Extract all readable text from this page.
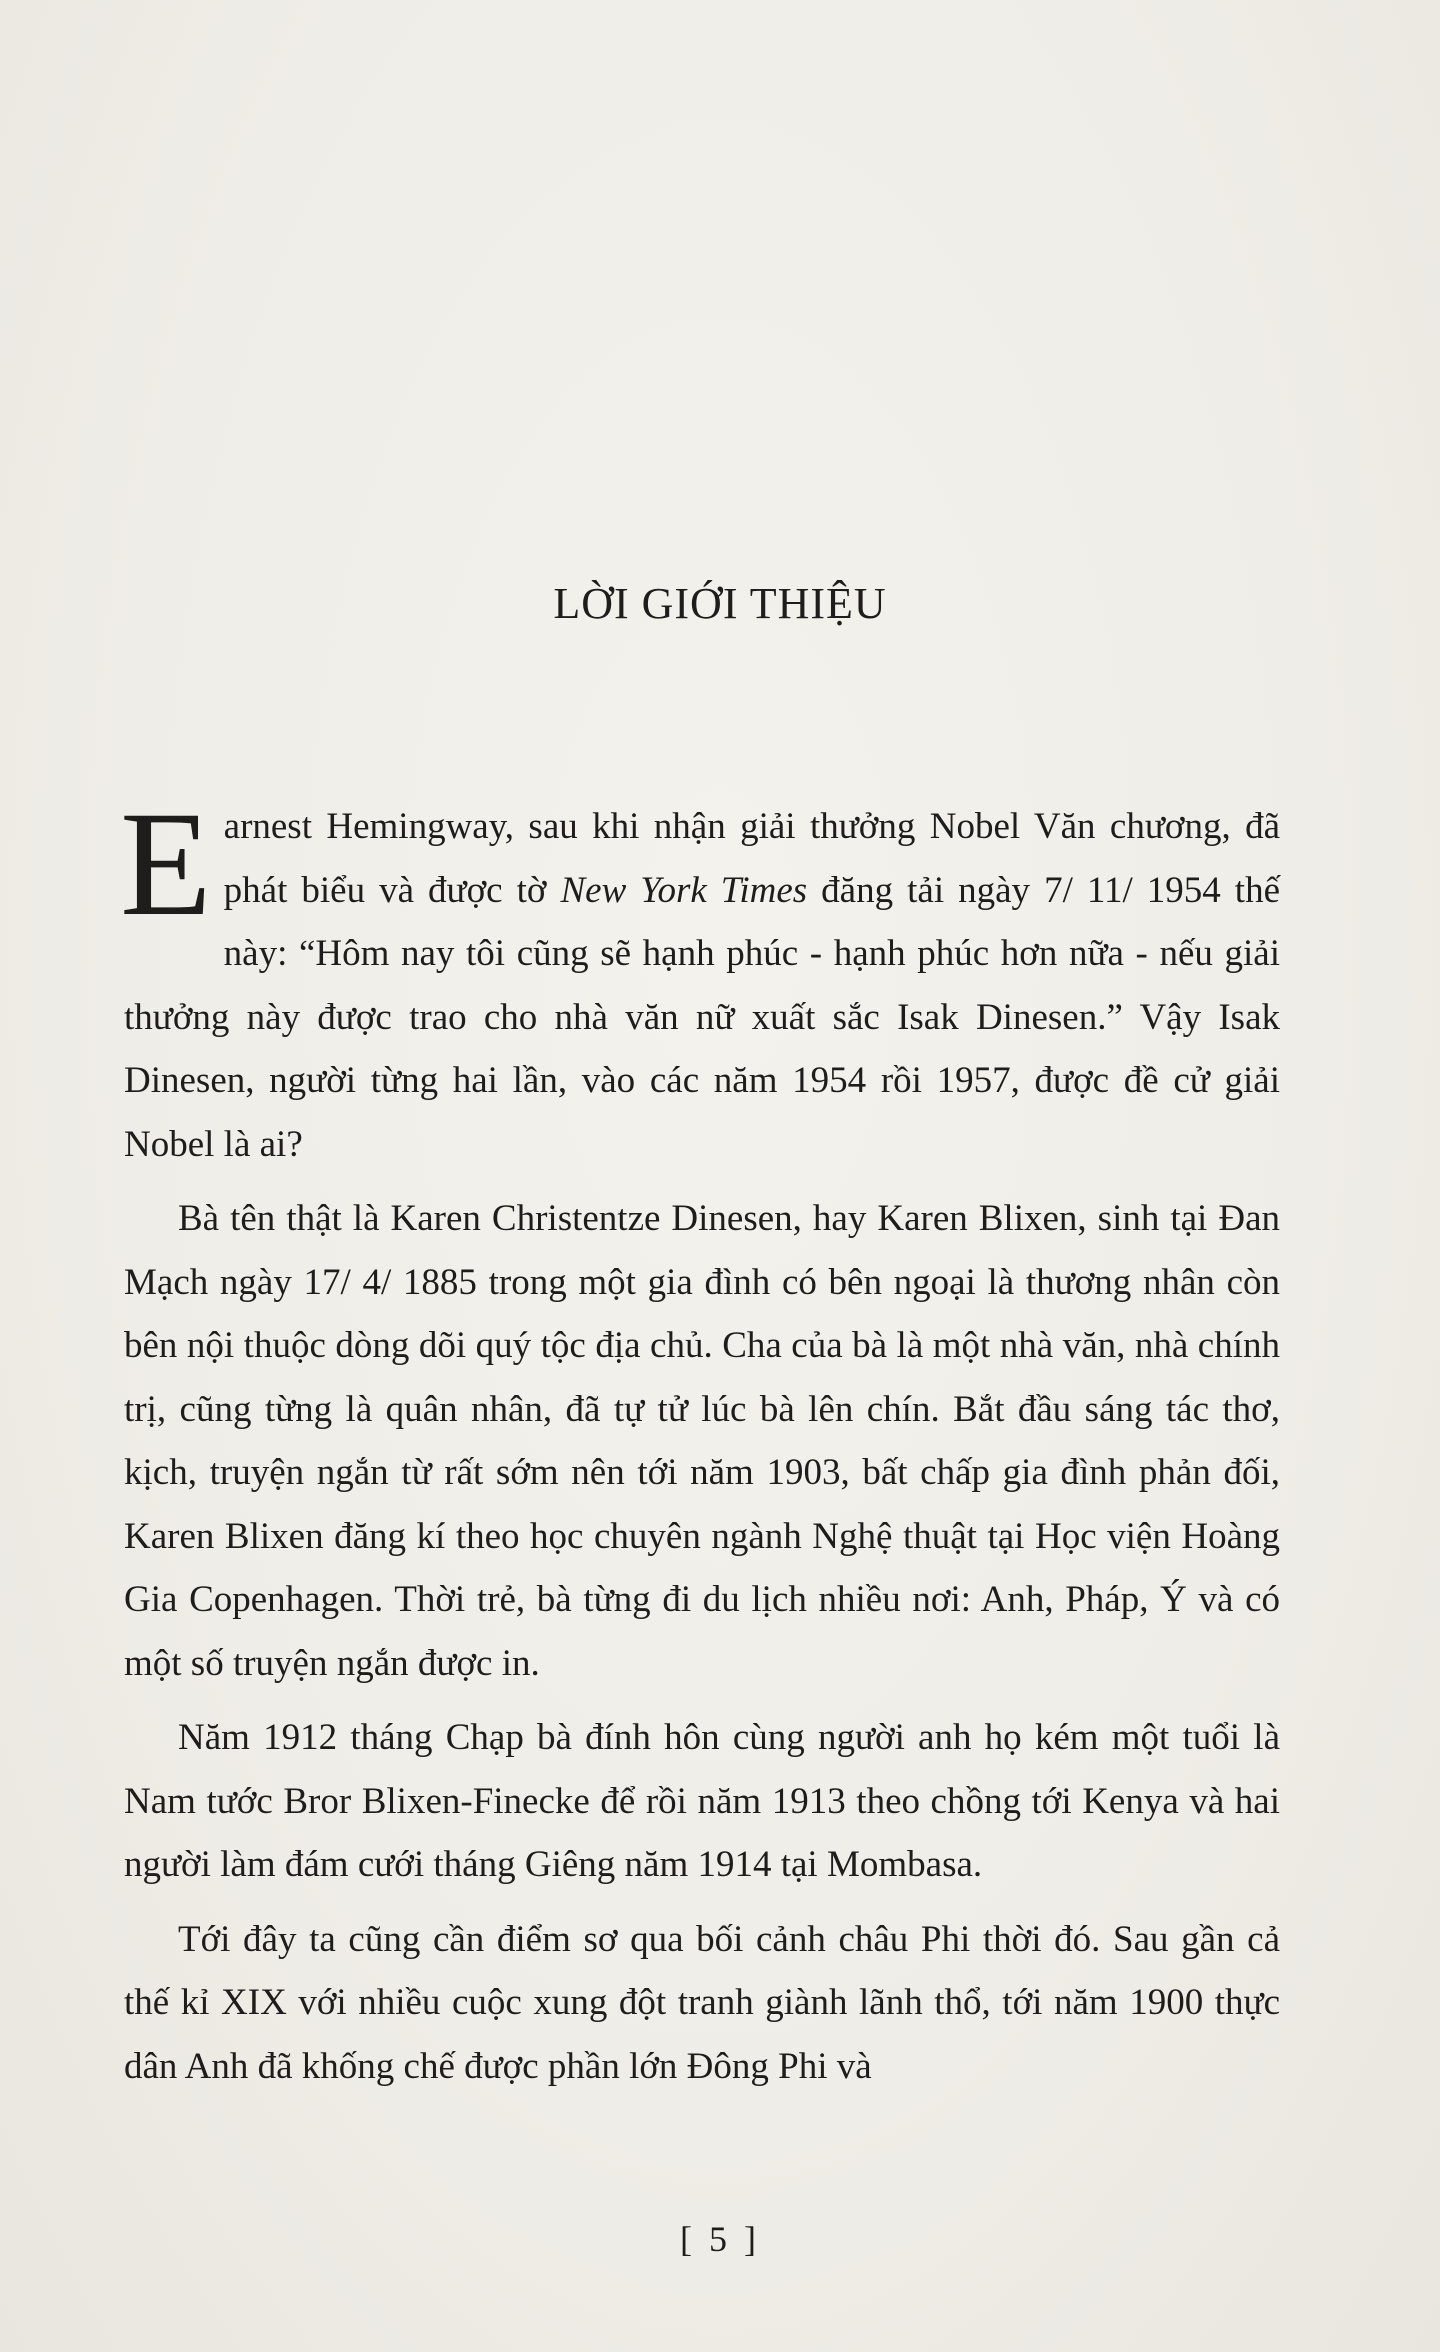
LỜI GIỚI THIỆU

Earnest Hemingway, sau khi nhận giải thưởng Nobel Văn chương, đã phát biểu và được tờ New York Times đăng tải ngày 7/ 11/ 1954 thế này: “Hôm nay tôi cũng sẽ hạnh phúc - hạnh phúc hơn nữa - nếu giải thưởng này được trao cho nhà văn nữ xuất sắc Isak Dinesen.” Vậy Isak Dinesen, người từng hai lần, vào các năm 1954 rồi 1957, được đề cử giải Nobel là ai?

Bà tên thật là Karen Christentze Dinesen, hay Karen Blixen, sinh tại Đan Mạch ngày 17/ 4/ 1885 trong một gia đình có bên ngoại là thương nhân còn bên nội thuộc dòng dõi quý tộc địa chủ. Cha của bà là một nhà văn, nhà chính trị, cũng từng là quân nhân, đã tự tử lúc bà lên chín. Bắt đầu sáng tác thơ, kịch, truyện ngắn từ rất sớm nên tới năm 1903, bất chấp gia đình phản đối, Karen Blixen đăng kí theo học chuyên ngành Nghệ thuật tại Học viện Hoàng Gia Copenhagen. Thời trẻ, bà từng đi du lịch nhiều nơi: Anh, Pháp, Ý và có một số truyện ngắn được in.

Năm 1912 tháng Chạp bà đính hôn cùng người anh họ kém một tuổi là Nam tước Bror Blixen-Finecke để rồi năm 1913 theo chồng tới Kenya và hai người làm đám cưới tháng Giêng năm 1914 tại Mombasa.

Tới đây ta cũng cần điểm sơ qua bối cảnh châu Phi thời đó. Sau gần cả thế kỉ XIX với nhiều cuộc xung đột tranh giành lãnh thổ, tới năm 1900 thực dân Anh đã khống chế được phần lớn Đông Phi và

[ 5 ]
